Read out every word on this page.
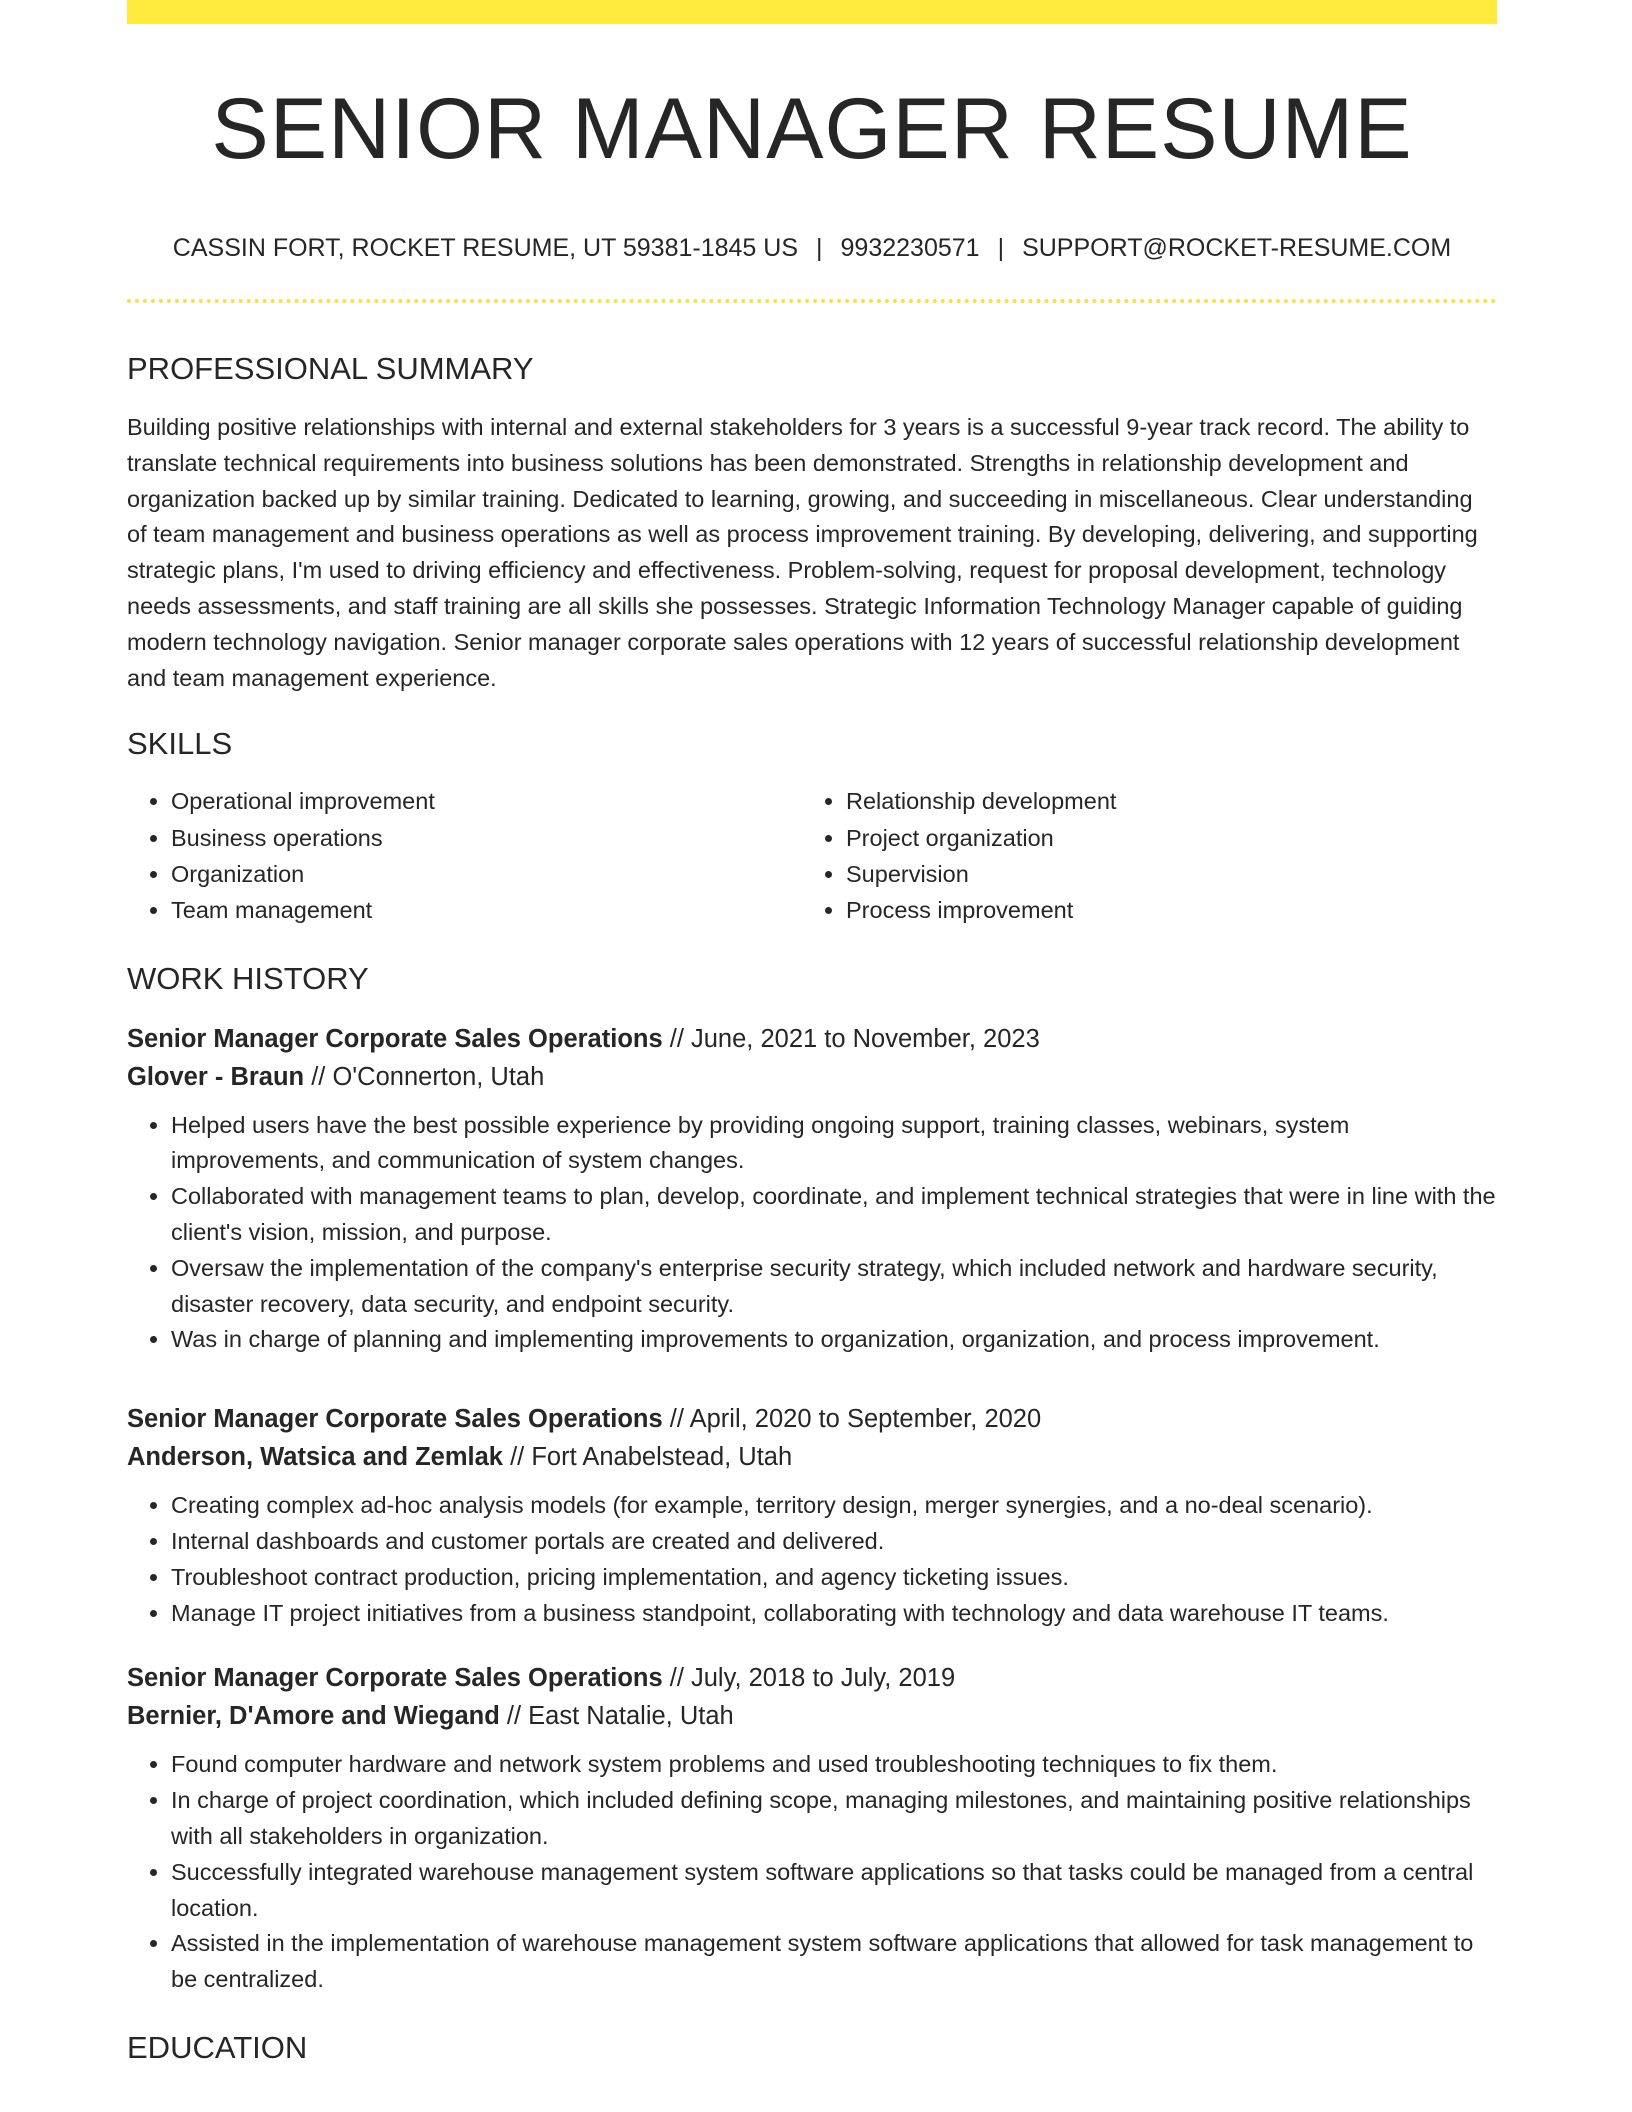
SENIOR MANAGER RESUME
CASSIN FORT, ROCKET RESUME, UT 59381-1845 US | 9932230571 | SUPPORT@ROCKET-RESUME.COM
PROFESSIONAL SUMMARY

Building positive relationships with internal and external stakeholders for 3 years is a successful 9-year track record. The ability to translate technical requirements into business solutions has been demonstrated. Strengths in relationship development and organization backed up by similar training. Dedicated to learning, growing, and succeeding in miscellaneous. Clear understanding of team management and business operations as well as process improvement training. By developing, delivering, and supporting strategic plans, I'm used to driving efficiency and effectiveness. Problem-solving, request for proposal development, technology needs assessments, and staff training are all skills she possesses. Strategic Information Technology Manager capable of guiding modern technology navigation. Senior manager corporate sales operations with 12 years of successful relationship development and team management experience.

SKILLS
• Operational improvement
• Business operations
• Organization
• Team management
• Relationship development
• Project organization
• Supervision
• Process improvement
WORK HISTORY
Senior Manager Corporate Sales Operations // June, 2021 to November, 2023
Glover - Braun // O'Connerton, Utah
• Helped users have the best possible experience by providing ongoing support, training classes, webinars, system improvements, and communication of system changes.
• Collaborated with management teams to plan, develop, coordinate, and implement technical strategies that were in line with the client's vision, mission, and purpose.
• Oversaw the implementation of the company's enterprise security strategy, which included network and hardware security, disaster recovery, data security, and endpoint security.
• Was in charge of planning and implementing improvements to organization, organization, and process improvement.
Senior Manager Corporate Sales Operations // April, 2020 to September, 2020
Anderson, Watsica and Zemlak // Fort Anabelstead, Utah
• Creating complex ad-hoc analysis models (for example, territory design, merger synergies, and a no-deal scenario).
• Internal dashboards and customer portals are created and delivered.
• Troubleshoot contract production, pricing implementation, and agency ticketing issues.
• Manage IT project initiatives from a business standpoint, collaborating with technology and data warehouse IT teams.
Senior Manager Corporate Sales Operations // July, 2018 to July, 2019
Bernier, D'Amore and Wiegand // East Natalie, Utah
• Found computer hardware and network system problems and used troubleshooting techniques to fix them.
• In charge of project coordination, which included defining scope, managing milestones, and maintaining positive relationships with all stakeholders in organization.
• Successfully integrated warehouse management system software applications so that tasks could be managed from a central location.
• Assisted in the implementation of warehouse management system software applications that allowed for task management to be centralized.
EDUCATION
